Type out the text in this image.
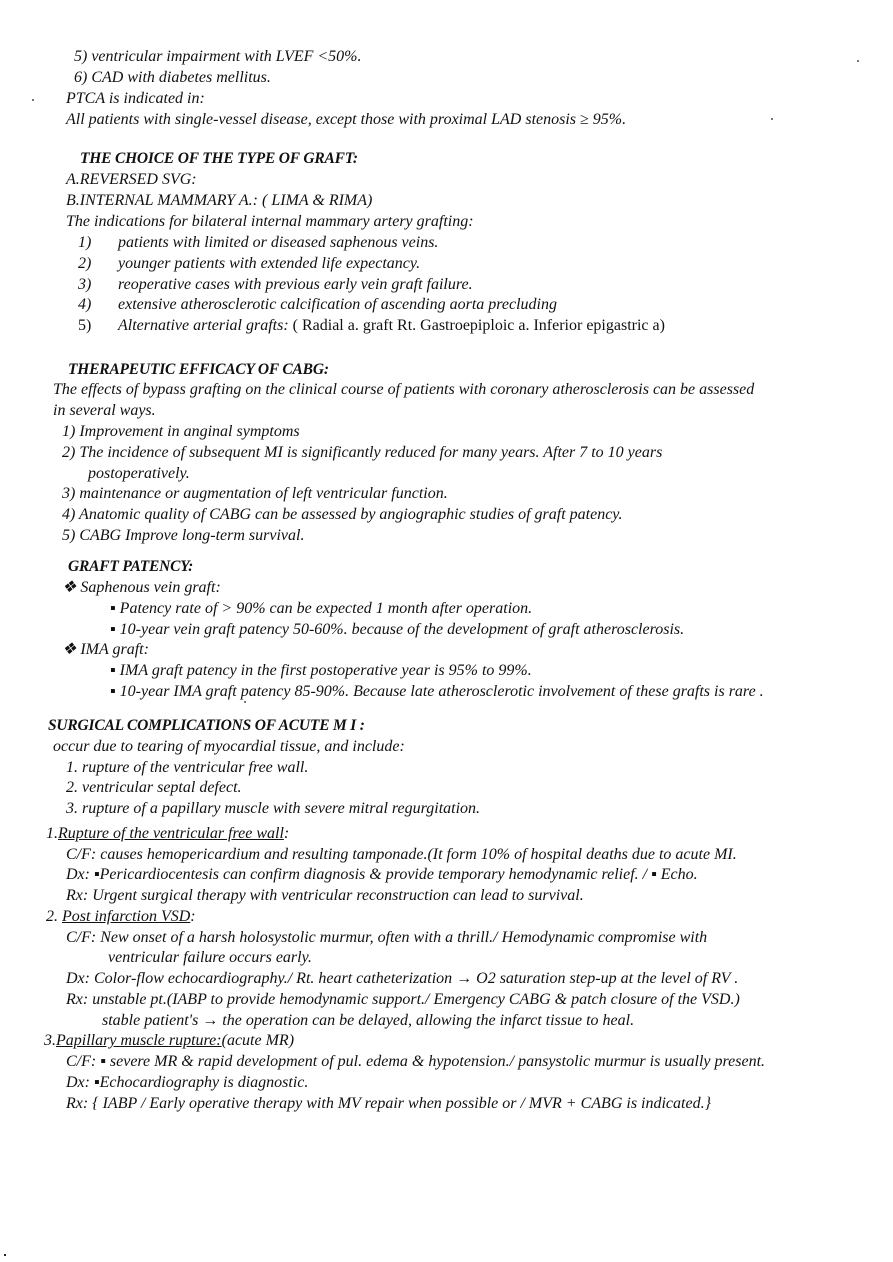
5) ventricular impairment with LVEF <50%.
6) CAD with diabetes mellitus.
PTCA is indicated in:
All patients with single-vessel disease, except those with proximal LAD stenosis ≥ 95%.
THE CHOICE OF THE TYPE OF GRAFT:
A.REVERSED SVG:
B.INTERNAL MAMMARY A.: ( LIMA & RIMA)
The indications for bilateral internal mammary artery grafting:
1) patients with limited or diseased saphenous veins.
2) younger patients with extended life expectancy.
3) reoperative cases with previous early vein graft failure.
4) extensive atherosclerotic calcification of ascending aorta precluding
5) Alternative arterial grafts: ( Radial a. graft Rt. Gastroepiploic a. Inferior epigastric a)
THERAPEUTIC EFFICACY OF CABG:
The effects of bypass grafting on the clinical course of patients with coronary atherosclerosis can be assessed
in several ways.
1) Improvement in anginal symptoms
2) The incidence of subsequent MI is significantly reduced for many years. After 7 to 10 years
postoperatively.
3) maintenance or augmentation of left ventricular function.
4) Anatomic quality of CABG can be assessed by angiographic studies of graft patency.
5) CABG Improve long-term survival.
GRAFT PATENCY:
❖ Saphenous vein graft:
▪ Patency rate of > 90% can be expected 1 month after operation.
▪ 10-year vein graft patency 50-60%. because of the development of graft atherosclerosis.
❖ IMA graft:
▪ IMA graft patency in the first postoperative year is 95% to 99%.
▪ 10-year IMA graft patency 85-90%. Because late atherosclerotic involvement of these grafts is rare .
SURGICAL COMPLICATIONS OF ACUTE M I :
occur due to tearing of myocardial tissue, and include:
1. rupture of the ventricular free wall.
2. ventricular septal defect.
3. rupture of a papillary muscle with severe mitral regurgitation.
1.Rupture of the ventricular free wall:
C/F: causes hemopericardium and resulting tamponade.(It form 10% of hospital deaths due to acute MI.
Dx: ▪Pericardiocentesis can confirm diagnosis & provide temporary hemodynamic relief. / ▪ Echo.
Rx: Urgent surgical therapy with ventricular reconstruction can lead to survival.
2. Post infarction VSD:
C/F: New onset of a harsh holosystolic murmur, often with a thrill./ Hemodynamic compromise with
ventricular failure occurs early.
Dx: Color-flow echocardiography./ Rt. heart catheterization → O2 saturation step-up at the level of RV .
Rx: unstable pt.(IABP to provide hemodynamic support./ Emergency CABG & patch closure of the VSD.)
stable patient's → the operation can be delayed, allowing the infarct tissue to heal.
3.Papillary muscle rupture:(acute MR)
C/F: ▪ severe MR & rapid development of pul. edema & hypotension./ pansystolic murmur is usually present.
Dx: ▪Echocardiography is diagnostic.
Rx: { IABP / Early operative therapy with MV repair when possible or / MVR + CABG is indicated.}
